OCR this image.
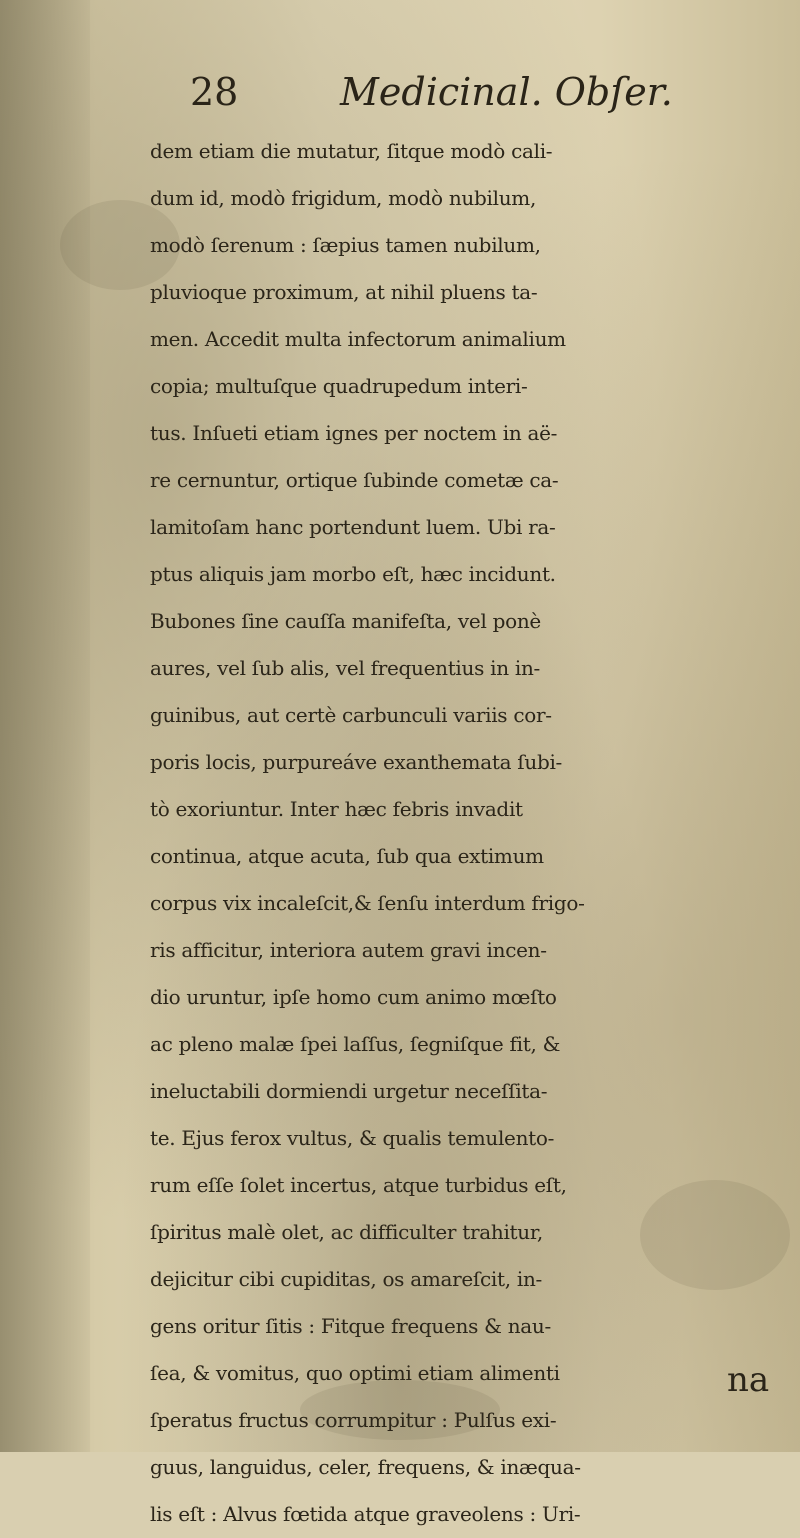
28	Medicinal. Obſer.
dem etiam die mutatur, ſitque modò cali-
dum id, modò frigidum, modò nubilum,
modò ſerenum : ſæpius tamen nubilum,
pluvioque proximum, at nihil pluens ta-
men. Accedit multa infectorum animalium
copia; multuſque quadrupedum interi-
tus. Inſueti etiam ignes per noctem in aë-
re cernuntur, ortique ſubinde cometæ ca-
lamitoſam hanc portendunt luem. Ubi ra-
ptus aliquis jam morbo eſt, hæc incidunt.
Bubones ſine cauſſa manifeſta, vel ponè
aures, vel ſub alis, vel frequentius in in-
guinibus, aut certè carbunculi variis cor-
poris locis, purpureáve exanthemata ſubi-
tò exoriuntur. Inter hæc febris invadit
continua, atque acuta, ſub qua extimum
corpus vix incaleſcit,& ſenſu interdum frigo-
ris afficitur, interiora autem gravi incen-
dio uruntur, ipſe homo cum animo mœſto
ac pleno malæ ſpei laſſus, ſegniſque fit, &
ineluctabili dormiendi urgetur neceſſita-
te. Ejus ferox vultus, & qualis temulento-
rum eſſe ſolet incertus, atque turbidus eſt,
ſpiritus malè olet, ac difficulter trahitur,
dejicitur cibi cupiditas, os amareſcit, in-
gens oritur ſitis : Fitque frequens & nau-
ſea, & vomitus, quo optimi etiam alimenti
ſperatus fructus corrumpitur : Pulſus exi-
guus, languidus, celer, frequens, & inæqua-
lis eſt : Alvus fœtida atque graveolens : Uri-
na
